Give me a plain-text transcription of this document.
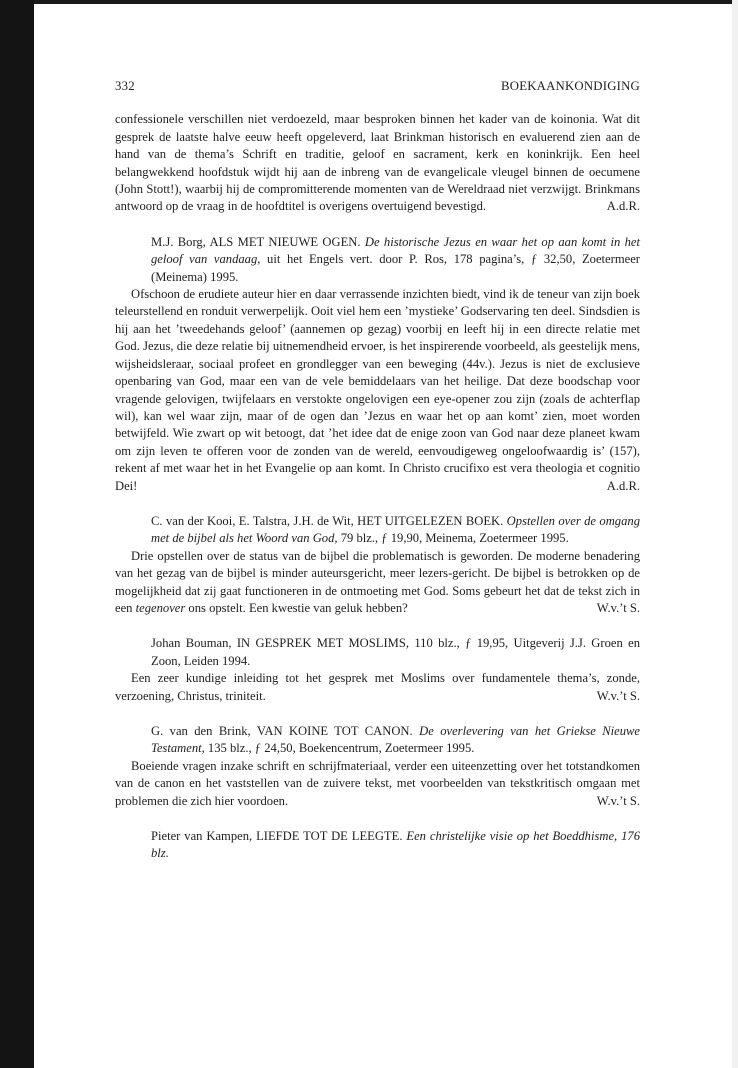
332	BOEKAANKONDIGING

confessionele verschillen niet verdoezeld, maar besproken binnen het kader van de koinonia. Wat dit gesprek de laatste halve eeuw heeft opgeleverd, laat Brinkman historisch en evaluerend zien aan de hand van de thema’s Schrift en traditie, geloof en sacrament, kerk en koninkrijk. Een heel belangwekkend hoofdstuk wijdt hij aan de inbreng van de evangelicale vleugel binnen de oecumene (John Stott!), waarbij hij de compromitterende momenten van de Wereldraad niet verzwijgt. Brinkmans antwoord op de vraag in de hoofdtitel is overigens overtuigend bevestigd.	A.d.R.

M.J. Borg, ALS MET NIEUWE OGEN. De historische Jezus en waar het op aan komt in het geloof van vandaag, uit het Engels vert. door P. Ros, 178 pagina’s, ƒ 32,50, Zoetermeer (Meinema) 1995.

Ofschoon de erudiete auteur hier en daar verrassende inzichten biedt, vind ik de teneur van zijn boek teleurstellend en ronduit verwerpelijk. Ooit viel hem een ’mystieke’ Godservaring ten deel. Sindsdien is hij aan het ’tweedehands geloof’ (aannemen op gezag) voorbij en leeft hij in een directe relatie met God. Jezus, die deze relatie bij uitnemendheid ervoer, is het inspirerende voorbeeld, als geestelijk mens, wijsheidsleraar, sociaal profeet en grondlegger van een beweging (44v.). Jezus is niet de exclusieve openbaring van God, maar een van de vele bemiddelaars van het heilige. Dat deze boodschap voor vragende gelovigen, twijfelaars en verstokte ongelovigen een eye-opener zou zijn (zoals de achterflap wil), kan wel waar zijn, maar of de ogen dan ’Jezus en waar het op aan komt’ zien, moet worden betwijfeld. Wie zwart op wit betoogt, dat ’het idee dat de enige zoon van God naar deze planeet kwam om zijn leven te offeren voor de zonden van de wereld, eenvoudigeweg ongeloofwaardig is’ (157), rekent af met waar het in het Evangelie op aan komt. In Christo crucifixo est vera theologia et cognitio Dei!	A.d.R.

C. van der Kooi, E. Talstra, J.H. de Wit, HET UITGELEZEN BOEK. Opstellen over de omgang met de bijbel als het Woord van God, 79 blz., ƒ 19,90, Meinema, Zoetermeer 1995.

Drie opstellen over de status van de bijbel die problematisch is geworden. De moderne benadering van het gezag van de bijbel is minder auteursgericht, meer lezers-gericht. De bijbel is betrokken op de mogelijkheid dat zij gaat functioneren in de ontmoeting met God. Soms gebeurt het dat de tekst zich in een tegenover ons opstelt. Een kwestie van geluk hebben?	W.v.’t S.

Johan Bouman, IN GESPREK MET MOSLIMS, 110 blz., ƒ 19,95, Uitgeverij J.J. Groen en Zoon, Leiden 1994.

Een zeer kundige inleiding tot het gesprek met Moslims over fundamentele thema’s, zonde, verzoening, Christus, triniteit.	W.v.’t S.

G. van den Brink, VAN KOINE TOT CANON. De overlevering van het Griekse Nieuwe Testament, 135 blz., ƒ 24,50, Boekencentrum, Zoetermeer 1995.

Boeiende vragen inzake schrift en schrijfmateriaal, verder een uiteenzetting over het totstandkomen van de canon en het vaststellen van de zuivere tekst, met voorbeelden van tekstkritisch omgaan met problemen die zich hier voordoen.	W.v.’t S.

Pieter van Kampen, LIEFDE TOT DE LEEGTE. Een christelijke visie op het Boeddhisme, 176 blz.
